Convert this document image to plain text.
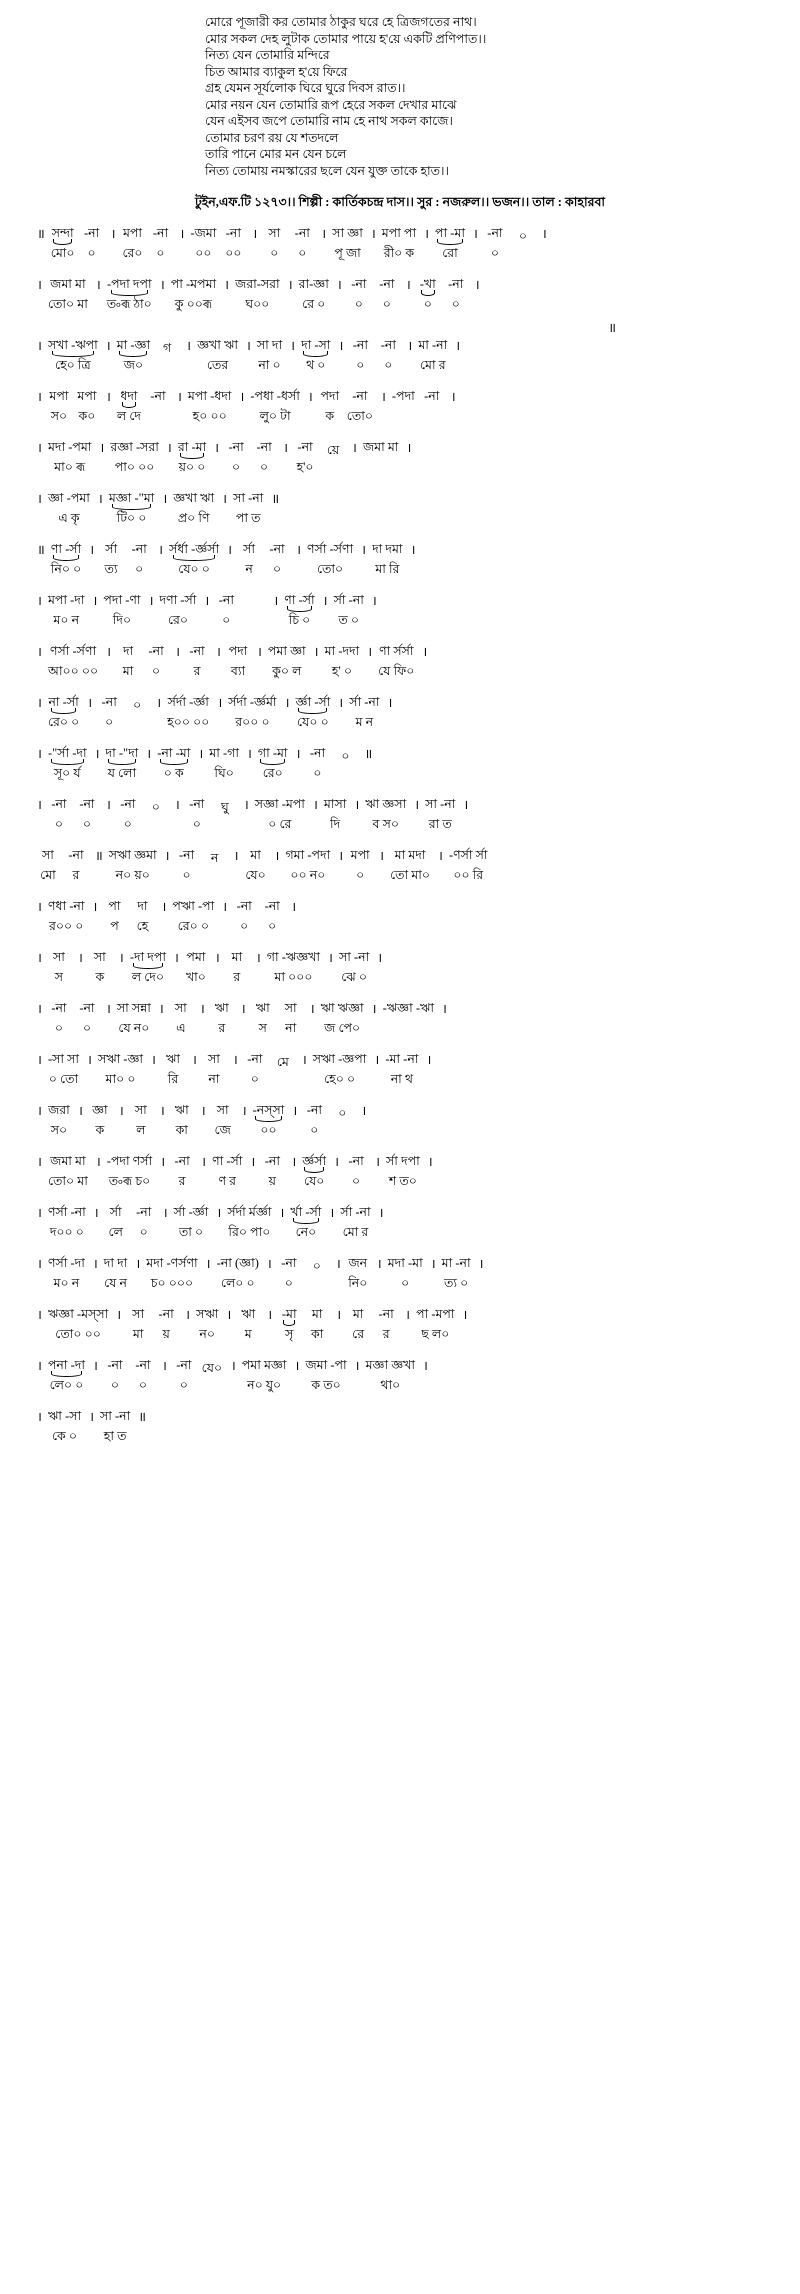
মোরে পূজারী কর তোমার ঠাকুর ঘরে হে ত্রিজগতের নাথ।
মোর সকল দেহ লুটাক তোমার পায়ে হ'য়ে একটি প্রণিপাত।।
নিত্য যেন তোমারি মন্দিরে
চিত আমার ব্যাকুল হ'য়ে ফিরে
গ্রহ যেমন সূর্যলোক ঘিরে ঘুরে দিবস রাত।।
মোর নয়ন যেন তোমারি রূপ হেরে সকল দেখার মাঝে
যেন এইসব জপে তোমারি নাম হে নাথ সকল কাজে।
তোমার চরণ রয় যে শতদলে
তারি পানে মোর মন যেন চলে
নিত্য তোমায় নমস্কারের ছলে যেন যুক্ত তাকে হাত।।
টুইন,এফ.টি ১২৭৩।। শিল্পী : কার্তিকচন্দ্র দাস।। সুর : নজরুল।। ভজন।। তাল : কাহারবা
॥ সন্দা
মো০
-না
০
। মপা
রে০
-না
০
। -জমা
০০
-না
০০
। সা
০
-না
০
। সা জ্ঞা
পূ জা
। মপা পা
রী০ ক
। পা -মা
রো
। -না
০
০ ।
। জমা মা
তো০ মা
। -পদা দপা
ত৹ৰূ ঠা০
। পা -মপমা
কু ০০ৰূ
। জরা-সরা
ঘ০০
। রা-জ্ঞা
রে ০
। -না
০
-না
০
। -খা
০
-না
০
।
॥
। সখা -ঋপা
হে০ ত্রি
। মা -জ্ঞা
জ০
গ । জ্ঞখা ঋা
তের
। সা দা
না ০
। দা -সা
থ ০
। -না
০
-না
০
। মা -না
মো র
।
। মপা
স০
মপা
ক০
। ধদা
ল দে
-না । মপা -ধদা
হ০ ০০
। -পধা -ধর্সা
লু০ টা
। পদা
ক
-না
তো০
। -পদা -না ।
। মদা -পমা
মা০ ৰূ
। রজ্ঞা -সরা
পা০ ০০
। রা -মা
য়০ ০
। -না
০
-না
০
। -না
হ'০
য়ে । জমা মা ।
। জ্ঞা -পমা
এ কৃ
। মজ্ঞা -"মা
টি০ ০
। জ্ঞখা ঋা
প্র০ ণি
। সা -না
পা ত
॥
॥ ণা -র্সা
নি০ ০
। র্সা
ত্য
-না
০
। র্সর্ধা -র্জ্ঞর্সা
যে০ ০
। র্সা
ন
-না
০
। ণর্সা -র্সণা
তো০
। দা দমা
মা রি
।
। মপা -দা
ম০ ন
। পদা -ণা
দি০
। দণা -র্সা
রে০
। -না
০
। ণা -র্সা
চি ০
। র্সা -না
ত ০
।
। ণর্সা -র্সণা
আ০০ ০০
। দা
মা
-না
০
। -না
র
। পদা
ব্যা
। পমা জ্ঞা
কু০ ল
। মা -দদা
হ' ০
। ণা র্সর্সা
যে ফি০
।
। না -র্সা
রে০ ০
। -না
০
০ । র্সর্দা -র্জ্ঞা
হ০০ ০০
। র্সর্দা -র্জ্ঞর্মা
র০০ ০
। র্জ্ঞা -র্সা
যে০ ০
। র্সা -না
ম ন
।
। -"র্সা -দা
সূ০ র্য
। দা -"দা
য লো
। -না -মা
০ ক
। মা -গা
ঘি০
। গা -মা
রে০
। -না
০
০ ॥
। -না
০
-না
০
। -না
০
০ । -না
০
ঘু । সজ্ঞা -মপা
০ রে
। মাসা
দি
। ঋা জ্ঞসা
ব স০
। সা -না
রা ত
।
সা
মো
-না
র
॥ সঋা জ্ঞমা
ন০ য়০
। -না
০
ন । মা
যে০
। গমা -পদা
০০ ন০
। মপা
০
। মা মদা
তো মা০
। -ণর্সা র্সা
০০ রি
। ণধা -না
র০০ ০
। পা
প
দা
হে
। পঋা -পা
রে০ ০
। -না
০
-না
০
।
। সা
স
। সা
ক
। -দা দপা
ল দে০
। পমা
খা০
। মা
র
। গা -ঋজ্ঞখা
মা ০০০
। সা -না
ঝে ০
।
। -না
০
-না
০
। সা সন্না
যে ন০
। সা
এ
। ঋা
র
। ঋা
স
সা
না
। ঋা ঋজ্ঞা
জ পে০
। -ঋজ্ঞা -ঋা ।
। -সা সা
০ তো
। সঋা -জ্ঞা
মা০ ০
। ঋা
রি
। সা
না
। -না
০
মে । সঋা -জ্ঞপা
হে০ ০
। -মা -না
না থ
।
। জরা
স০
। জ্ঞা
ক
। সা
ল
। ঋা
কা
। সা
জে
। -নস্সা
০০
। -না
০
০ ।
। জমা মা
তো০ মা
। -পদা ণর্সা
ত৹ৰূ চ০
। -না
র
। ণা -র্সা
ণ র
। -না
য়
। র্জ্ঞর্সা
যে০
। -না
০
। র্সা দপা
শ ত০
।
। ণর্সা -না
দ০০ ০
। র্সা
লে
-না
০
। র্সা -র্জ্ঞা
তা ০
। র্সর্দা র্মর্জ্ঞা
রি০ পা০
। র্খা -র্সা
নে০
। র্সা -না
মো র
।
। ণর্সা -দা
ম০ ন
। দা দা
যে ন
। মদা -ণর্সণা
চ০ ০০০
। -না (জ্ঞা)
লে০ ০
। -না
০
০ । জন
নি০
। মদা -মা
০
। মা -না
ত্য ০
।
। ঋজ্ঞা -মস্সা
তো০ ০০
। সা
মা
-না
য়
। সঋা
ন০
। ঋা
ম
। -মা
সৃ
মা
কা
। মা
রে
-না
র
। পা -মপা
ছ ল০
।
। পনা -দা
লে০ ০
। -না
০
-না
০
। -না
০
যে০ । পমা মজ্ঞা
ন০ যু০
। জমা -পা
ক ত০
। মজ্ঞা জ্ঞখা
থা০
।
। ঋা -সা
কে ০
। সা -না
হা ত
॥
